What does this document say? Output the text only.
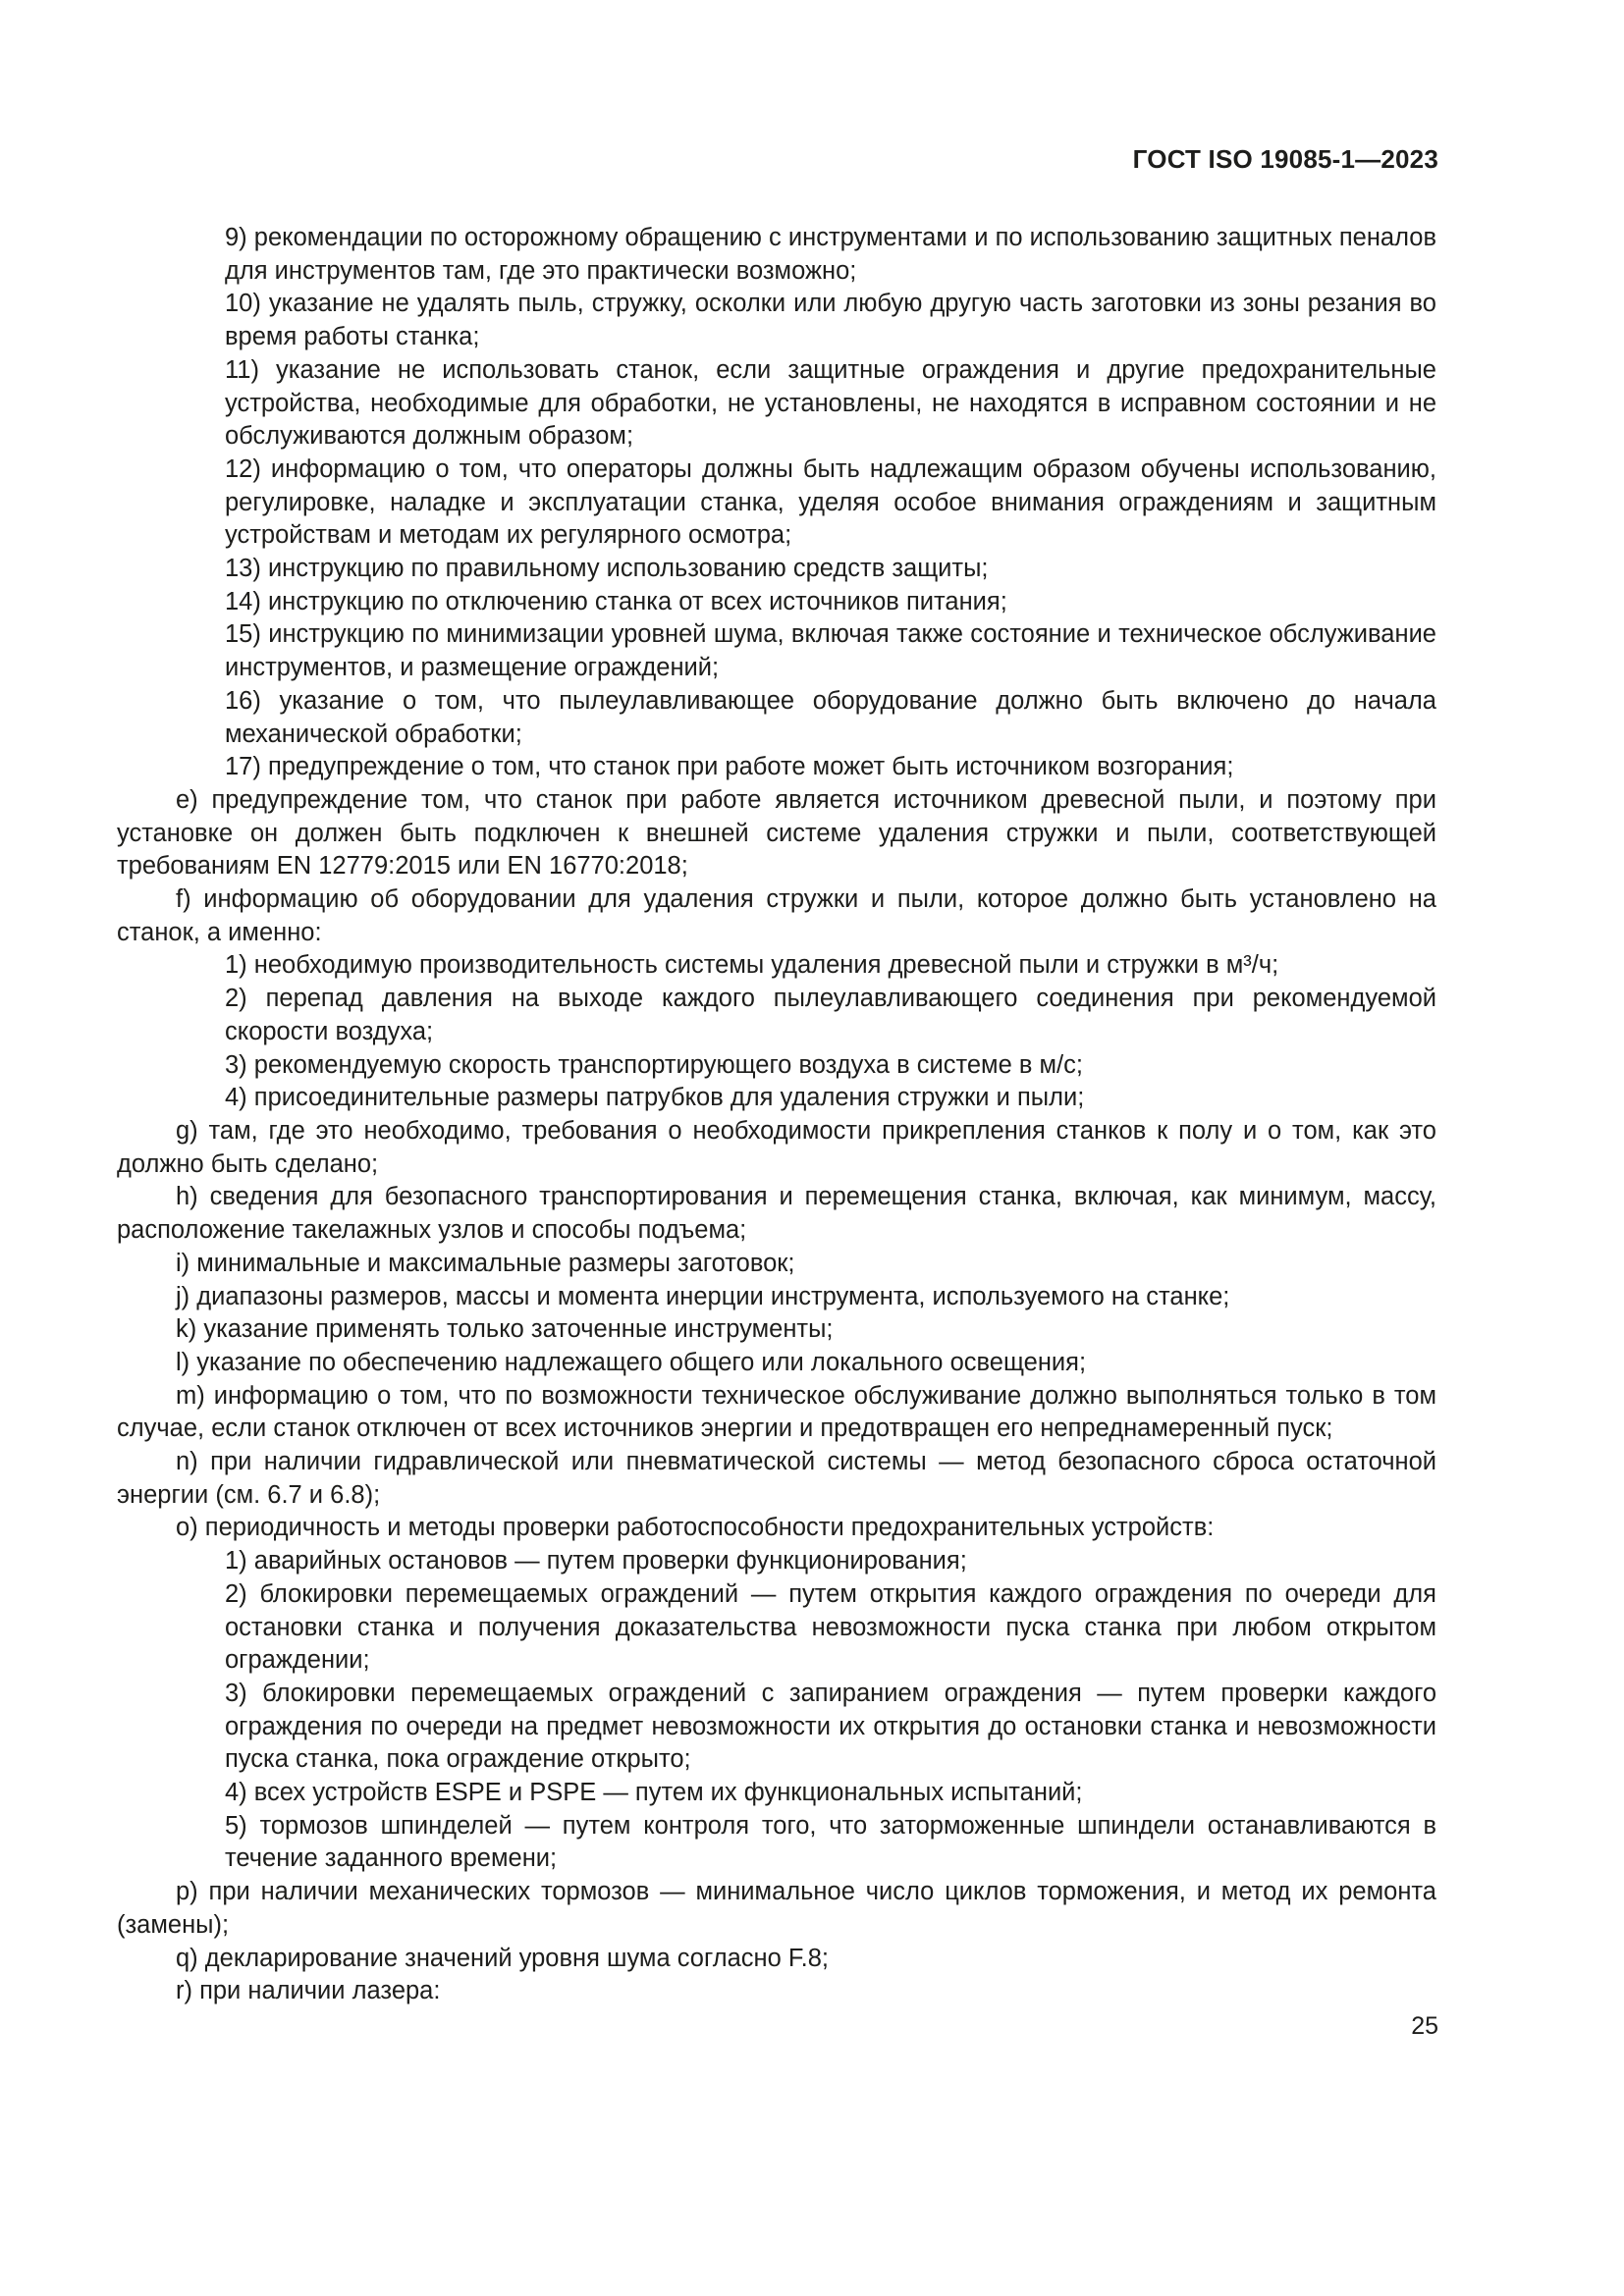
ГОСТ ISO 19085-1—2023

9) рекомендации по осторожному обращению с инструментами и по использованию защитных пеналов для инструментов там, где это практически возможно;

10) указание не удалять пыль, стружку, осколки или любую другую часть заготовки из зоны резания во время работы станка;

11) указание не использовать станок, если защитные ограждения и другие предохранительные устройства, необходимые для обработки, не установлены, не находятся в исправном состоянии и не обслуживаются должным образом;

12) информацию о том, что операторы должны быть надлежащим образом обучены использованию, регулировке, наладке и эксплуатации станка, уделяя особое внимания ограждениям и защитным устройствам и методам их регулярного осмотра;

13) инструкцию по правильному использованию средств защиты;

14) инструкцию по отключению станка от всех источников питания;

15) инструкцию по минимизации уровней шума, включая также состояние и техническое обслуживание инструментов, и размещение ограждений;

16) указание о том, что пылеулавливающее оборудование должно быть включено до начала механической обработки;

17) предупреждение о том, что станок при работе может быть источником возгорания;

е) предупреждение том, что станок при работе является источником древесной пыли, и поэтому при установке он должен быть подключен к внешней системе удаления стружки и пыли, соответствующей требованиям EN 12779:2015 или EN 16770:2018;

f) информацию об оборудовании для удаления стружки и пыли, которое должно быть установлено на станок, а именно:

1) необходимую производительность системы удаления древесной пыли и стружки в м³/ч;

2) перепад давления на выходе каждого пылеулавливающего соединения при рекомендуемой скорости воздуха;

3) рекомендуемую скорость транспортирующего воздуха в системе в м/с;

4) присоединительные размеры патрубков для удаления стружки и пыли;

g) там, где это необходимо, требования о необходимости прикрепления станков к полу и о том, как это должно быть сделано;

h) сведения для безопасного транспортирования и перемещения станка, включая, как минимум, массу, расположение такелажных узлов и способы подъема;

i) минимальные и максимальные размеры заготовок;

j) диапазоны размеров, массы и момента инерции инструмента, используемого на станке;

k) указание применять только заточенные инструменты;

l) указание по обеспечению надлежащего общего или локального освещения;

m) информацию о том, что по возможности техническое обслуживание должно выполняться только в том случае, если станок отключен от всех источников энергии и предотвращен его непреднамеренный пуск;

n) при наличии гидравлической или пневматической системы — метод безопасного сброса остаточной энергии (см. 6.7 и 6.8);

о) периодичность и методы проверки работоспособности предохранительных устройств:

1) аварийных остановов — путем проверки функционирования;

2) блокировки перемещаемых ограждений — путем открытия каждого ограждения по очереди для остановки станка и получения доказательства невозможности пуска станка при любом открытом ограждении;

3) блокировки перемещаемых ограждений с запиранием ограждения — путем проверки каждого ограждения по очереди на предмет невозможности их открытия до остановки станка и невозможности пуска станка, пока ограждение открыто;

4) всех устройств ESPE и PSPE — путем их функциональных испытаний;

5) тормозов шпинделей — путем контроля того, что заторможенные шпиндели останавливаются в течение заданного времени;

р) при наличии механических тормозов — минимальное число циклов торможения, и метод их ремонта (замены);

q) декларирование значений уровня шума согласно F.8;

r) при наличии лазера:

25
